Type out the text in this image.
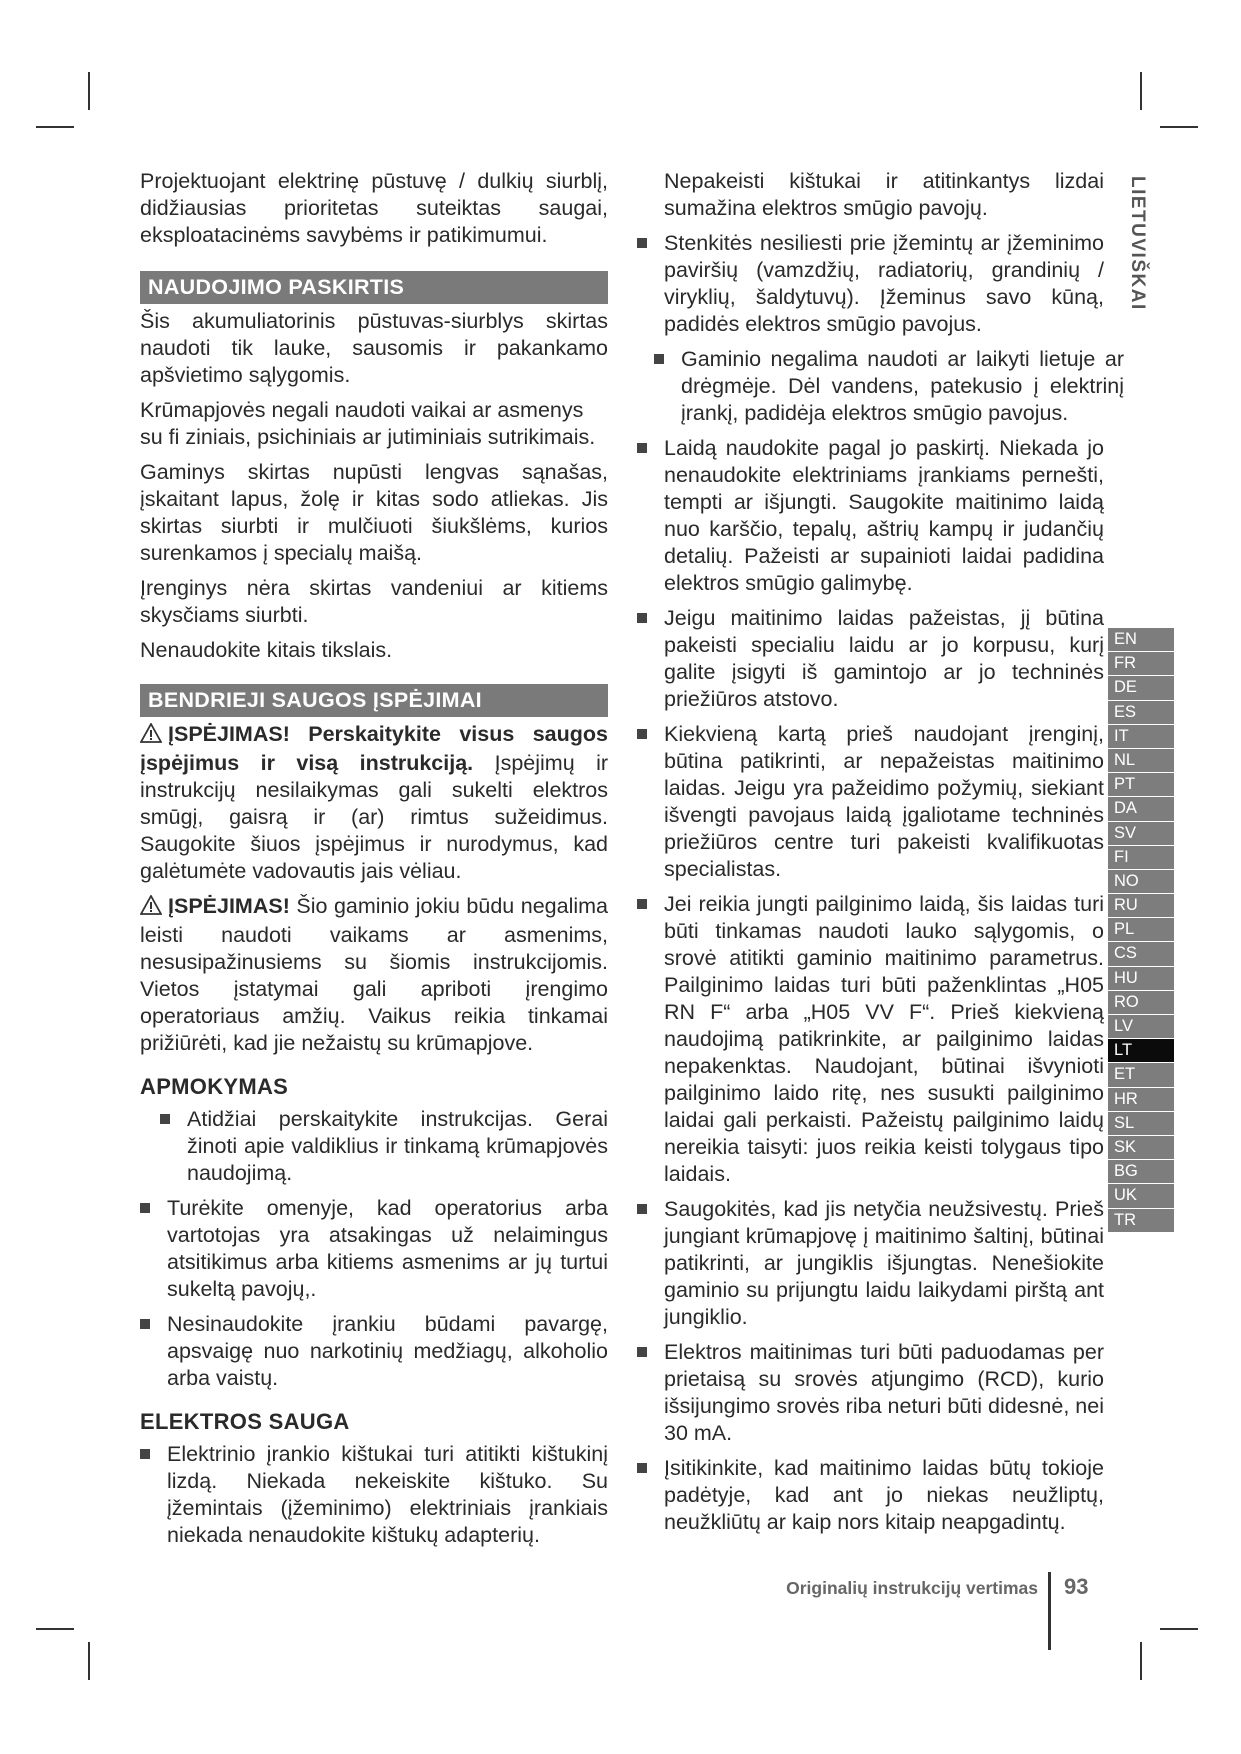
Projektuojant elektrinę pūstuvę / dulkių siurblį, didžiausias prioritetas suteiktas saugai, eksploatacinėms savybėms ir patikimumui.

NAUDOJIMO PASKIRTIS

Šis akumuliatorinis pūstuvas-siurblys skirtas naudoti tik lauke, sausomis ir pakankamo apšvietimo sąlygomis.

Krūmapjovės negali naudoti vaikai ar asmenys su fi ziniais, psichiniais ar jutiminiais sutrikimais.

Gaminys skirtas nupūsti lengvas sąnašas, įskaitant lapus, žolę ir kitas sodo atliekas. Jis skirtas siurbti ir mulčiuoti šiukšlėms, kurios surenkamos į specialų maišą.

Įrenginys nėra skirtas vandeniui ar kitiems skysčiams siurbti.

Nenaudokite kitais tikslais.

BENDRIEJI SAUGOS ĮSPĖJIMAI

ĮSPĖJIMAS! Perskaitykite visus saugos įspėjimus ir visą instrukciją. Įspėjimų ir instrukcijų nesilaikymas gali sukelti elektros smūgį, gaisrą ir (ar) rimtus sužeidimus. Saugokite šiuos įspėjimus ir nurodymus, kad galėtumėte vadovautis jais vėliau.

ĮSPĖJIMAS! Šio gaminio jokiu būdu negalima leisti naudoti vaikams ar asmenims, nesusipažinusiems su šiomis instrukcijomis. Vietos įstatymai gali apriboti įrengimo operatoriaus amžių. Vaikus reikia tinkamai prižiūrėti, kad jie nežaistų su krūmapjove.

APMOKYMAS
Atidžiai perskaitykite instrukcijas. Gerai žinoti apie valdiklius ir tinkamą krūmapjovės naudojimą.
Turėkite omenyje, kad operatorius arba vartotojas yra atsakingas už nelaimingus atsitikimus arba kitiems asmenims ar jų turtui sukeltą pavojų,.
Nesinaudokite įrankiu būdami pavargę, apsvaigę nuo narkotinių medžiagų, alkoholio arba vaistų.
ELEKTROS SAUGA
Elektrinio įrankio kištukai turi atitikti kištukinį lizdą. Niekada nekeiskite kištuko. Su įžemintais (įžeminimo) elektriniais įrankiais niekada nenaudokite kištukų adapterių.

Nepakeisti kištukai ir atitinkantys lizdai sumažina elektros smūgio pavojų.

Stenkitės nesiliesti prie įžemintų ar įžeminimo paviršių (vamzdžių, radiatorių, grandinių / viryklių, šaldytuvų). Įžeminus savo kūną, padidės elektros smūgio pavojus.
Gaminio negalima naudoti ar laikyti lietuje ar drėgmėje. Dėl vandens, patekusio į elektrinį įrankį, padidėja elektros smūgio pavojus.
Laidą naudokite pagal jo paskirtį. Niekada jo nenaudokite elektriniams įrankiams pernešti, tempti ar išjungti. Saugokite maitinimo laidą nuo karščio, tepalų, aštrių kampų ir judančių detalių. Pažeisti ar supainioti laidai padidina elektros smūgio galimybę.
Jeigu maitinimo laidas pažeistas, jį būtina pakeisti specialiu laidu ar jo korpusu, kurį galite įsigyti iš gamintojo ar jo techninės priežiūros atstovo.
Kiekvieną kartą prieš naudojant įrenginį, būtina patikrinti, ar nepažeistas maitinimo laidas. Jeigu yra pažeidimo požymių, siekiant išvengti pavojaus laidą įgaliotame techninės priežiūros centre turi pakeisti kvalifikuotas specialistas.
Jei reikia jungti pailginimo laidą, šis laidas turi būti tinkamas naudoti lauko sąlygomis, o srovė atitikti gaminio maitinimo parametrus. Pailginimo laidas turi būti paženklintas „H05 RN F“ arba „H05 VV F“. Prieš kiekvieną naudojimą patikrinkite, ar pailginimo laidas nepakenktas. Naudojant, būtinai išvynioti pailginimo laido ritę, nes susukti pailginimo laidai gali perkaisti. Pažeistų pailginimo laidų nereikia taisyti: juos reikia keisti tolygaus tipo laidais.
Saugokitės, kad jis netyčia neužsivestų. Prieš jungiant krūmapjovę į maitinimo šaltinį, būtinai patikrinti, ar jungiklis išjungtas. Nenešiokite gaminio su prijungtu laidu laikydami pirštą ant jungiklio.
Elektros maitinimas turi būti paduodamas per prietaisą su srovės atjungimo (RCD), kurio išsijungimo srovės riba neturi būti didesnė, nei 30 mA.
Įsitikinkite, kad maitinimo laidas būtų tokioje padėtyje, kad ant jo niekas neužliptų, neužkliūtų ar kaip nors kitaip neapgadintų.
LIETUVIŠKAI
EN
FR
DE
ES
IT
NL
PT
DA
SV
FI
NO
RU
PL
CS
HU
RO
LV
LT
ET
HR
SL
SK
BG
UK
TR
Originalių instrukcijų vertimas 93
